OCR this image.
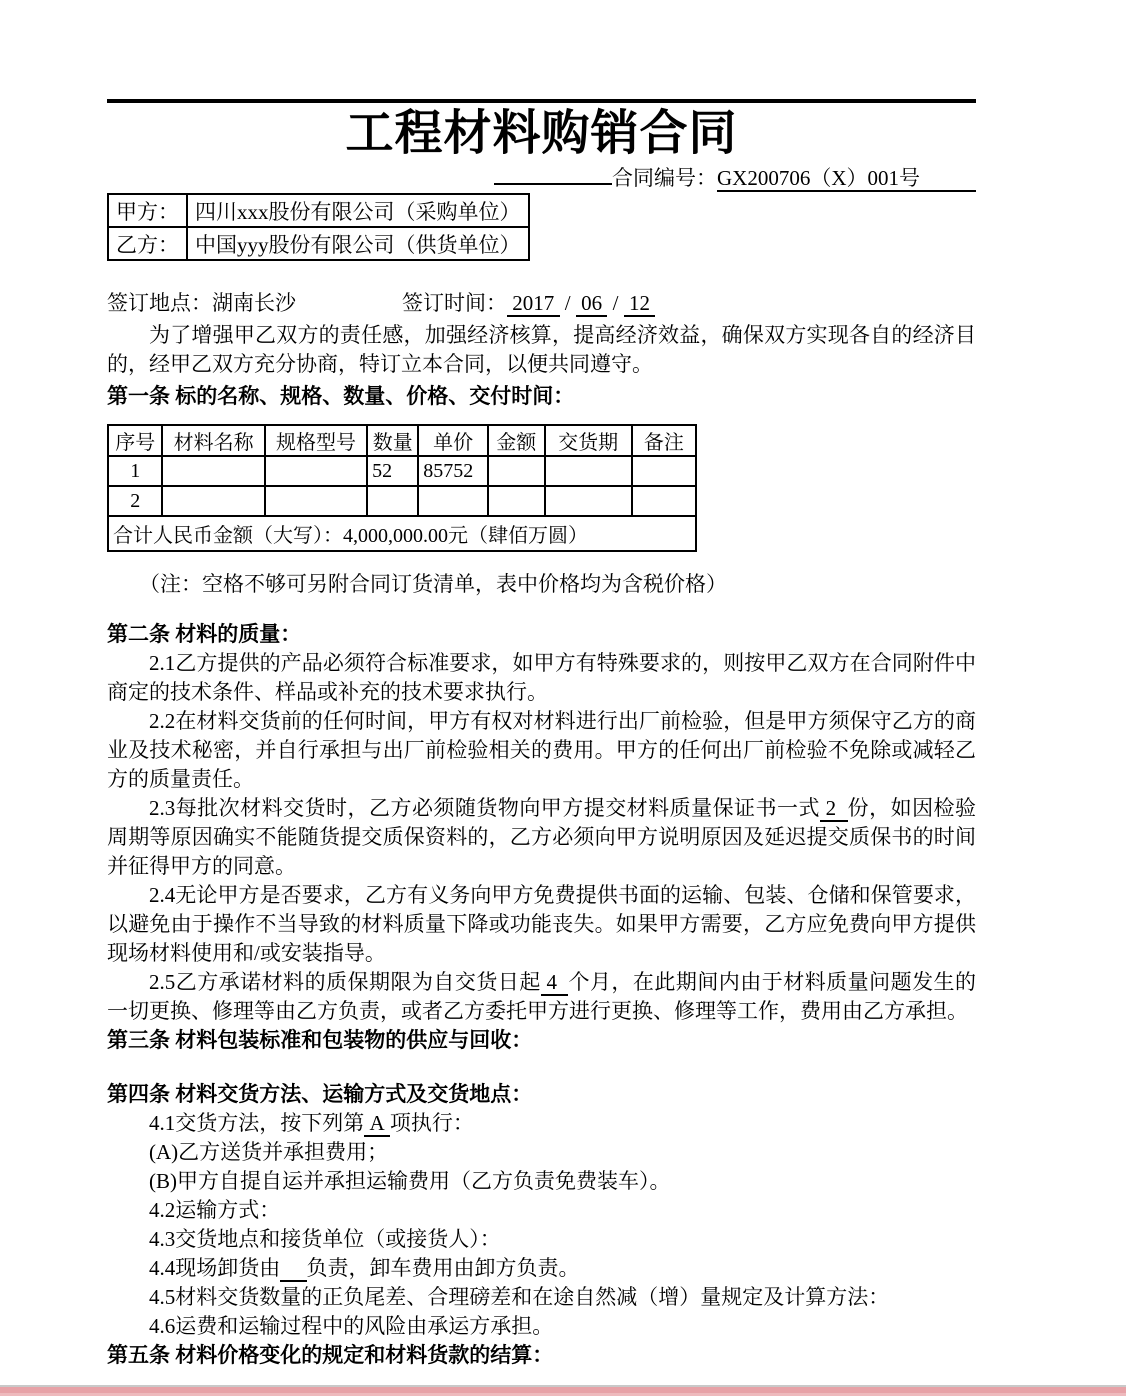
工程材料购销合同

合同编号：GX200706（X）001号

甲方：	四川xxx股份有限公司（采购单位）
乙方：	中国yyy股份有限公司（供货单位）
签订地点：湖南长沙	签订时间： 2017  /  06  /  12

为了增强甲乙双方的责任感，加强经济核算，提高经济效益，确保双方实现各自的经济目的，经甲乙双方充分协商，特订立本合同，以便共同遵守。

第一条 标的名称、规格、数量、价格、交付时间：
序号	材料名称	规格型号	数量	单价	金额	交货期	备注
1			52	85752			
2							
合计人民币金额（大写）：4,000,000.00元（肆佰万圆）							

（注：空格不够可另附合同订货清单，表中价格均为含税价格）

第二条 材料的质量：

2.1乙方提供的产品必须符合标准要求，如甲方有特殊要求的，则按甲乙双方在合同附件中商定的技术条件、样品或补充的技术要求执行。

2.2在材料交货前的任何时间，甲方有权对材料进行出厂前检验，但是甲方须保守乙方的商业及技术秘密，并自行承担与出厂前检验相关的费用。甲方的任何出厂前检验不免除或减轻乙方的质量责任。

2.3每批次材料交货时，乙方必须随货物向甲方提交材料质量保证书一式 2  份，如因检验周期等原因确实不能随货提交质保资料的，乙方必须向甲方说明原因及延迟提交质保书的时间并征得甲方的同意。

2.4无论甲方是否要求，乙方有义务向甲方免费提供书面的运输、包装、仓储和保管要求，以避免由于操作不当导致的材料质量下降或功能丧失。如果甲方需要，乙方应免费向甲方提供现场材料使用和/或安装指导。

2.5乙方承诺材料的质保期限为自交货日起 4  个月，在此期间内由于材料质量问题发生的一切更换、修理等由乙方负责，或者乙方委托甲方进行更换、修理等工作，费用由乙方承担。

第三条 材料包装标准和包装物的供应与回收：
第四条 材料交货方法、运输方式及交货地点：

4.1交货方法，按下列第 A 项执行：

(A)乙方送货并承担费用；

(B)甲方自提自运并承担运输费用（乙方负责免费装车）。

4.2运输方式：

4.3交货地点和接货单位（或接货人）：

4.4现场卸货由 负责，卸车费用由卸方负责。

4.5材料交货数量的正负尾差、合理磅差和在途自然减（增）量规定及计算方法：

4.6运费和运输过程中的风险由承运方承担。

第五条 材料价格变化的规定和材料货款的结算：
